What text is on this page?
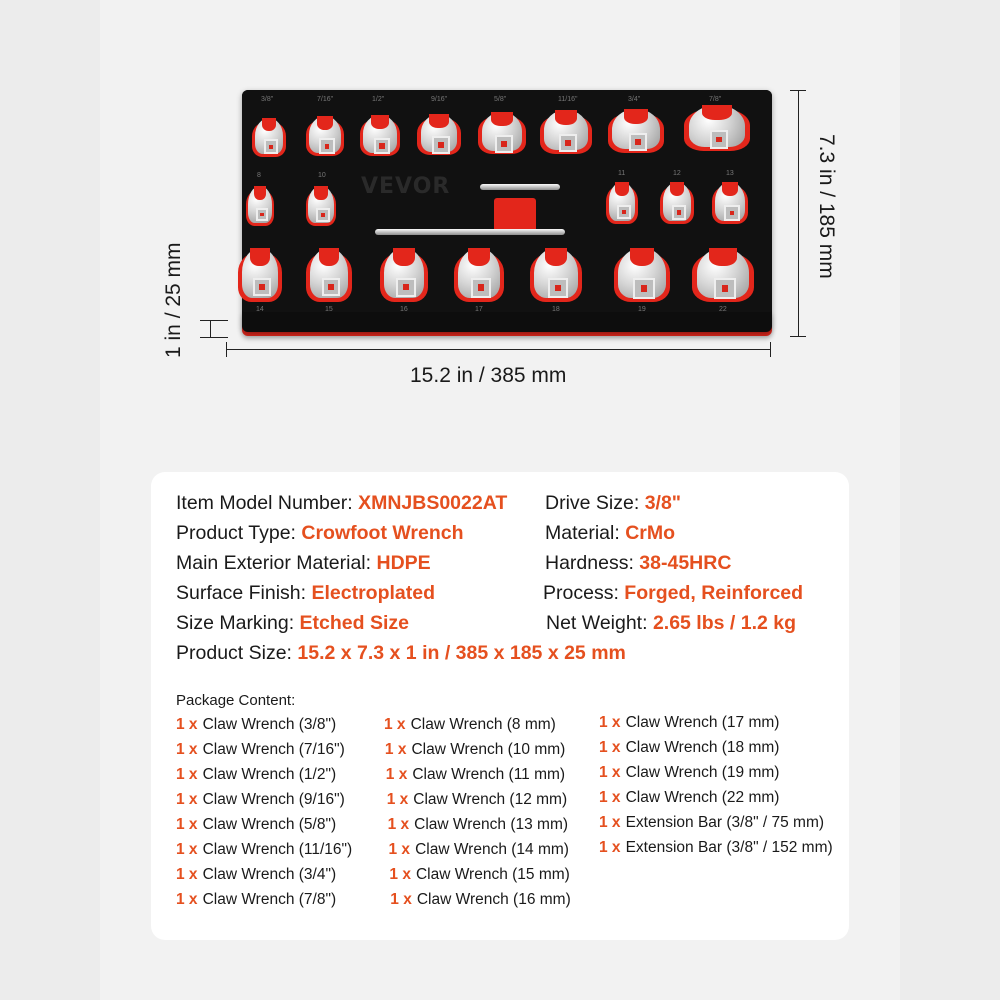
VEVOR
3/8"	7/16"	1/2"	9/16"	5/8"	11/16"	3/4"	7/8"
8	10	11	12	13
14	15	16	17	18	19	22
15.2 in / 385 mm
7.3 in / 185 mm
1 in / 25 mm
Item Model Number: XMNJBS0022AT Drive Size: 3/8"
Product Type: Crowfoot Wrench	Material: CrMo
Main Exterior Material: HDPE	Hardness: 38-45HRC
Surface Finish: Electroplated	Process: Forged, Reinforced
Size Marking: Etched Size	Net Weight: 2.65 lbs / 1.2 kg
Product Size: 15.2 x 7.3 x 1 in / 385 x 185 x 25 mm
Package Content:
1 x Claw Wrench (3/8")
1 x Claw Wrench (7/16")
1 x Claw Wrench (1/2")
1 x Claw Wrench (9/16")
1 x Claw Wrench (5/8")
1 x Claw Wrench (11/16")
1 x Claw Wrench (3/4")
1 x Claw Wrench (7/8")
1 x Claw Wrench (8 mm)
1 x Claw Wrench (10 mm)
1 x Claw Wrench (11 mm)
1 x Claw Wrench (12 mm)
1 x Claw Wrench (13 mm)
1 x Claw Wrench (14 mm)
1 x Claw Wrench (15 mm)
1 x Claw Wrench (16 mm)
1 x Claw Wrench (17 mm)
1 x Claw Wrench (18 mm)
1 x Claw Wrench (19 mm)
1 x Claw Wrench (22 mm)
1 x Extension Bar (3/8" / 75 mm)
1 x Extension Bar (3/8" / 152 mm)
